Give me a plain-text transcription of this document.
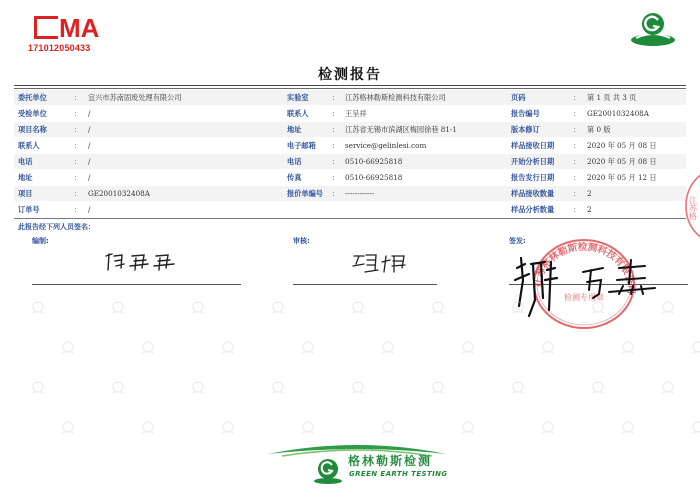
MA
171012050433
检测报告
委托单位	： 宜兴市苏南固废处理有限公司	实验室	： 江苏格林勒斯检测科技有限公司	页码	： 第 1 页 共 3 页
受检单位	： /	联系人	： 王呈祥	报告编号	： GE2001032408A
项目名称	： /	地址	： 江苏省无锡市滨湖区梅园徐巷 81-1	版本修订	： 第 0 版
联系人	： /	电子邮箱 ： service@gelinlesi.com	样品接收日期	： 2020 年 05 月 08 日
电话	： /	电话	： 0510-66925818	开始分析日期	： 2020 年 05 月 08 日
地址	： /	传真	： 0510-66925818	报告发行日期	： 2020 年 05 月 12 日
项目	： GE2001032408A	报价单编号 ： ------------	样品接收数量	： 2
订单号	： /	样品分析数量	： 2
此报告经下列人员签名：
编制:	审核:	签发:
江苏格林勒斯检测科技有限公司
检测专用章
江苏格
格林勒斯检测
GREEN EARTH TESTING
